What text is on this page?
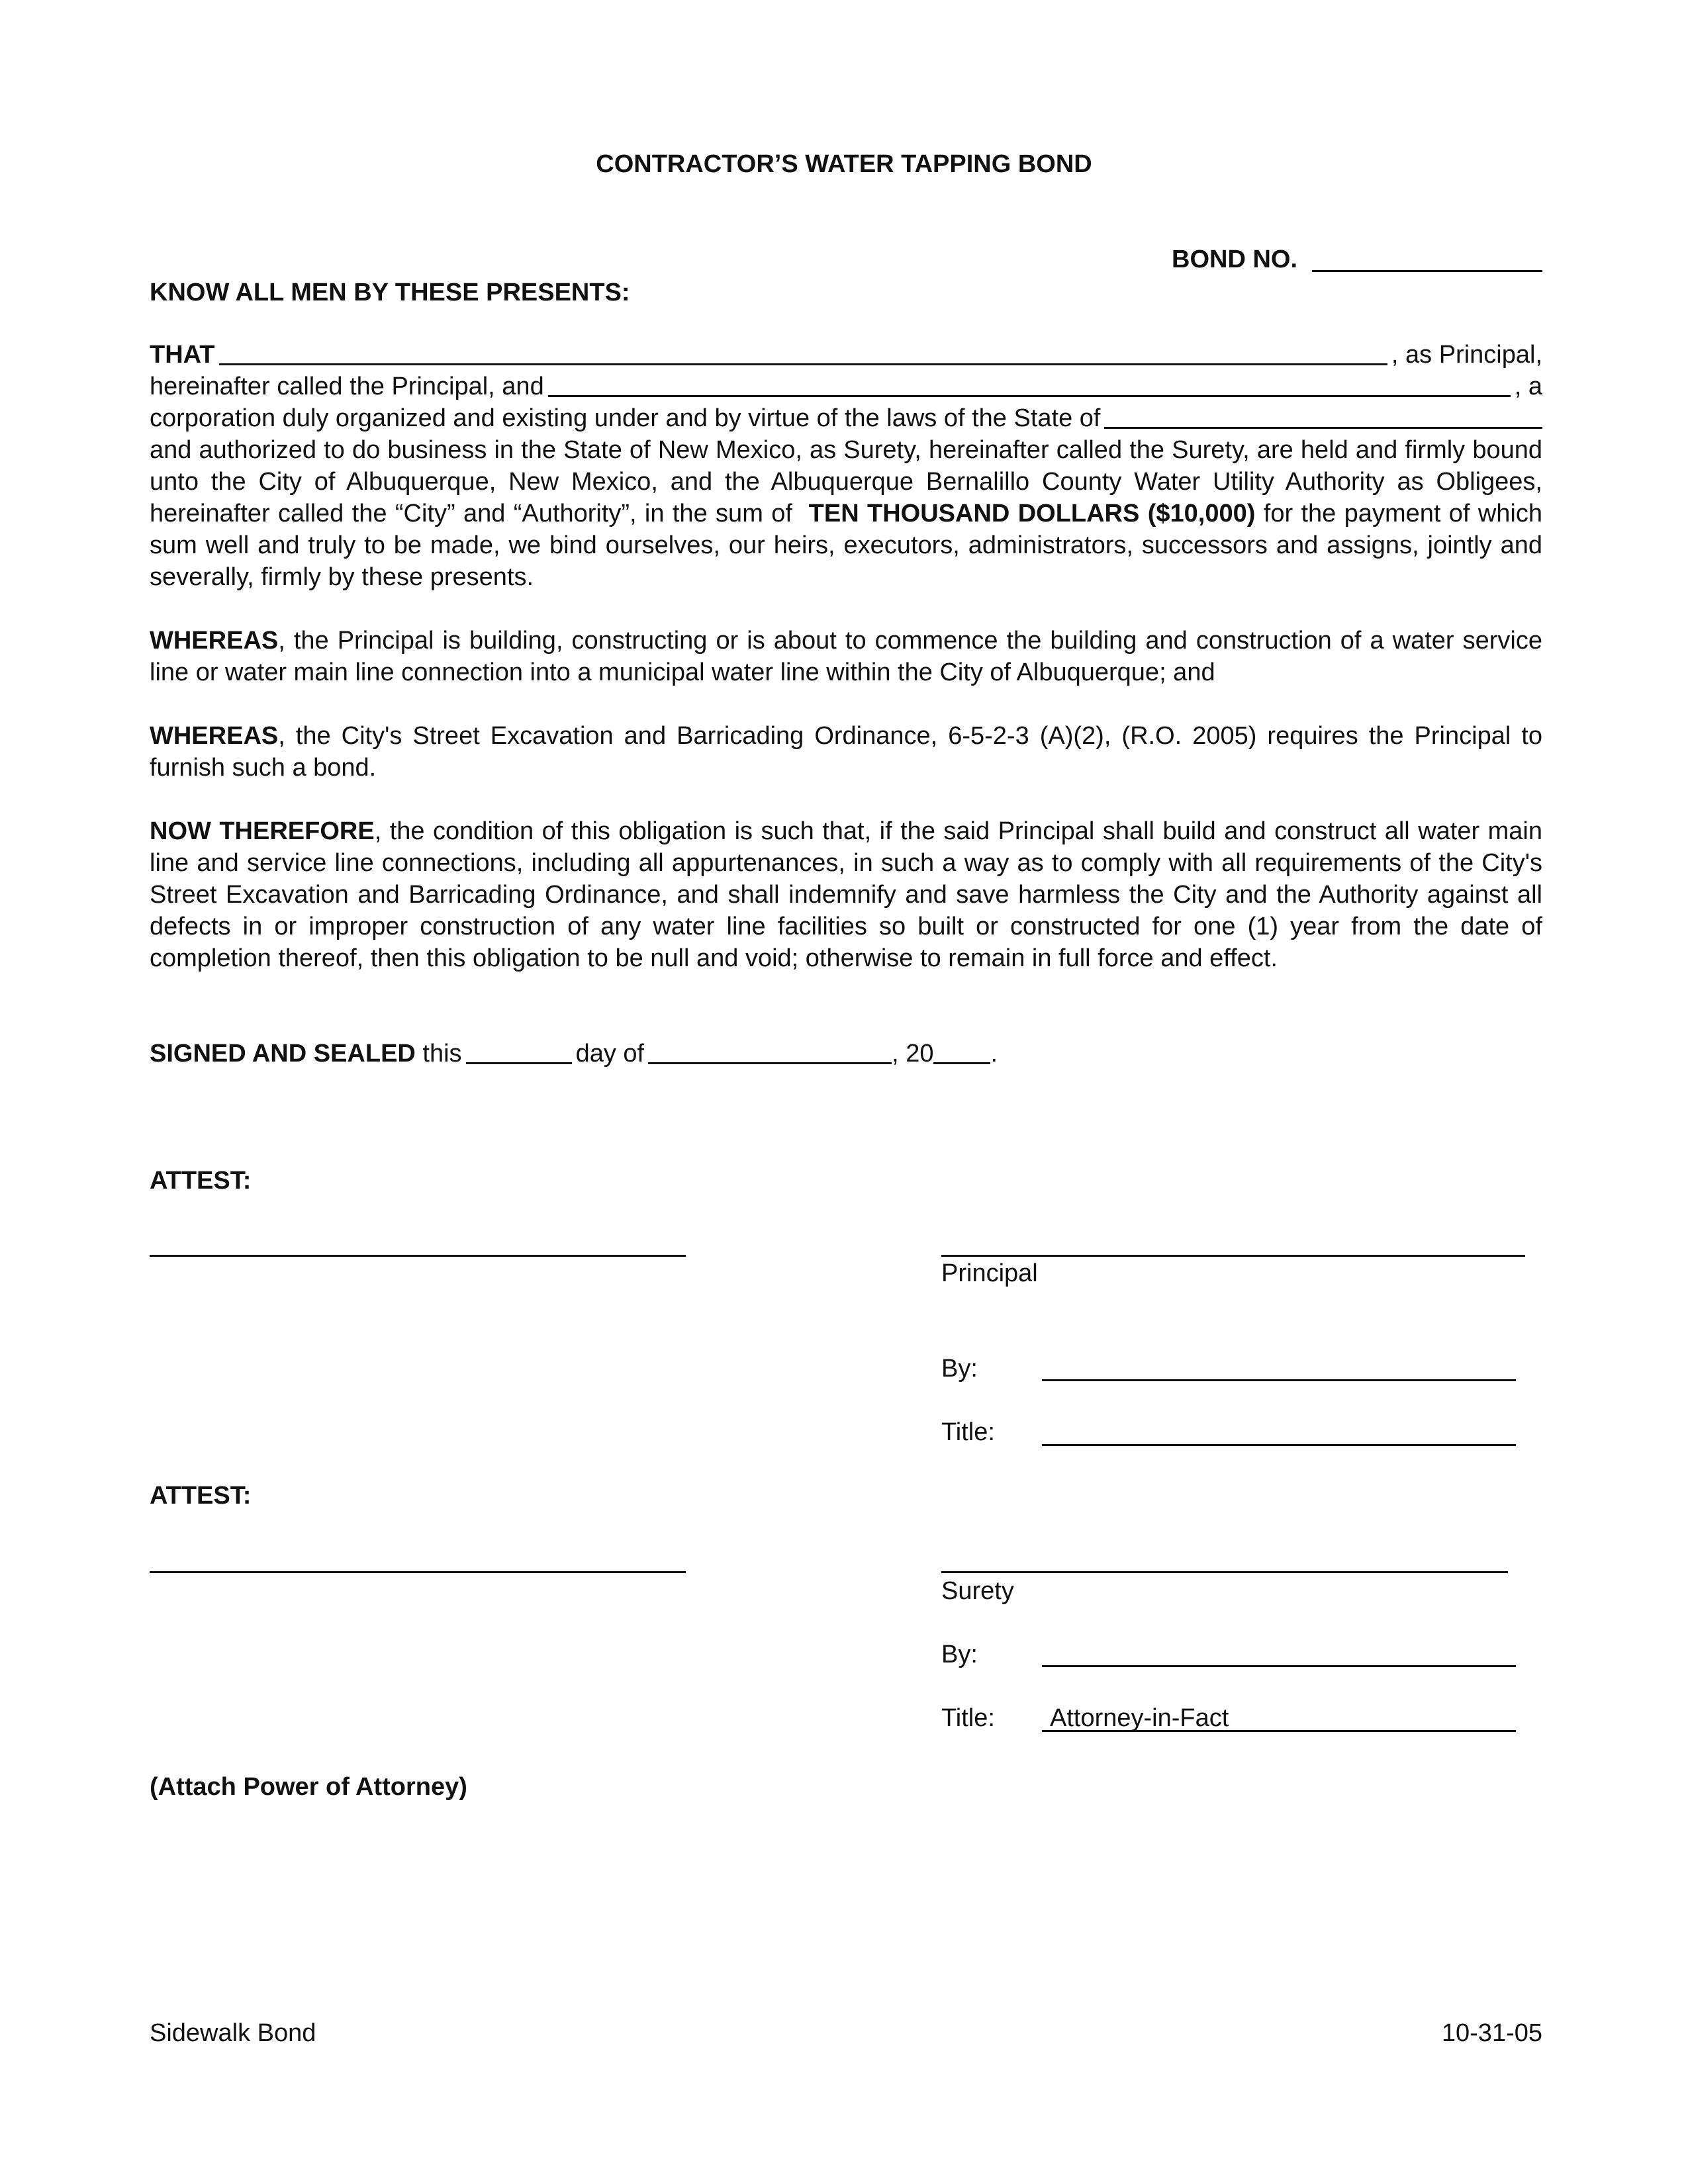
CONTRACTOR’S WATER TAPPING BOND
BOND NO.
KNOW ALL MEN BY THESE PRESENTS:
THAT	, as Principal,
hereinafter called the Principal, and	, a
corporation duly organized and existing under and by virtue of the laws of the State of
and authorized to do business in the State of New Mexico, as Surety, hereinafter called the Surety, are held and firmly bound unto the City of Albuquerque, New Mexico, and the Albuquerque Bernalillo County Water Utility Authority as Obligees, hereinafter called the “City” and “Authority”, in the sum of TEN THOUSAND DOLLARS ($10,000) for the payment of which sum well and truly to be made, we bind ourselves, our heirs, executors, administrators, successors and assigns, jointly and severally, firmly by these presents.
WHEREAS, the Principal is building, constructing or is about to commence the building and construction of a water service line or water main line connection into a municipal water line within the City of Albuquerque; and
WHEREAS, the City's Street Excavation and Barricading Ordinance, 6-5-2-3 (A)(2), (R.O. 2005) requires the Principal to furnish such a bond.
NOW THEREFORE, the condition of this obligation is such that, if the said Principal shall build and construct all water main line and service line connections, including all appurtenances, in such a way as to comply with all requirements of the City's Street Excavation and Barricading Ordinance, and shall indemnify and save harmless the City and the Authority against all defects in or improper construction of any water line facilities so built or constructed for one (1) year from the date of completion thereof, then this obligation to be null and void; otherwise to remain in full force and effect.
SIGNED AND SEALED
this	day of	, 20 .
ATTEST:
Principal
By:
Title:
ATTEST:
Surety
By:
Title: Attorney-in-Fact
(Attach Power of Attorney)
Sidewalk Bond	10-31-05
